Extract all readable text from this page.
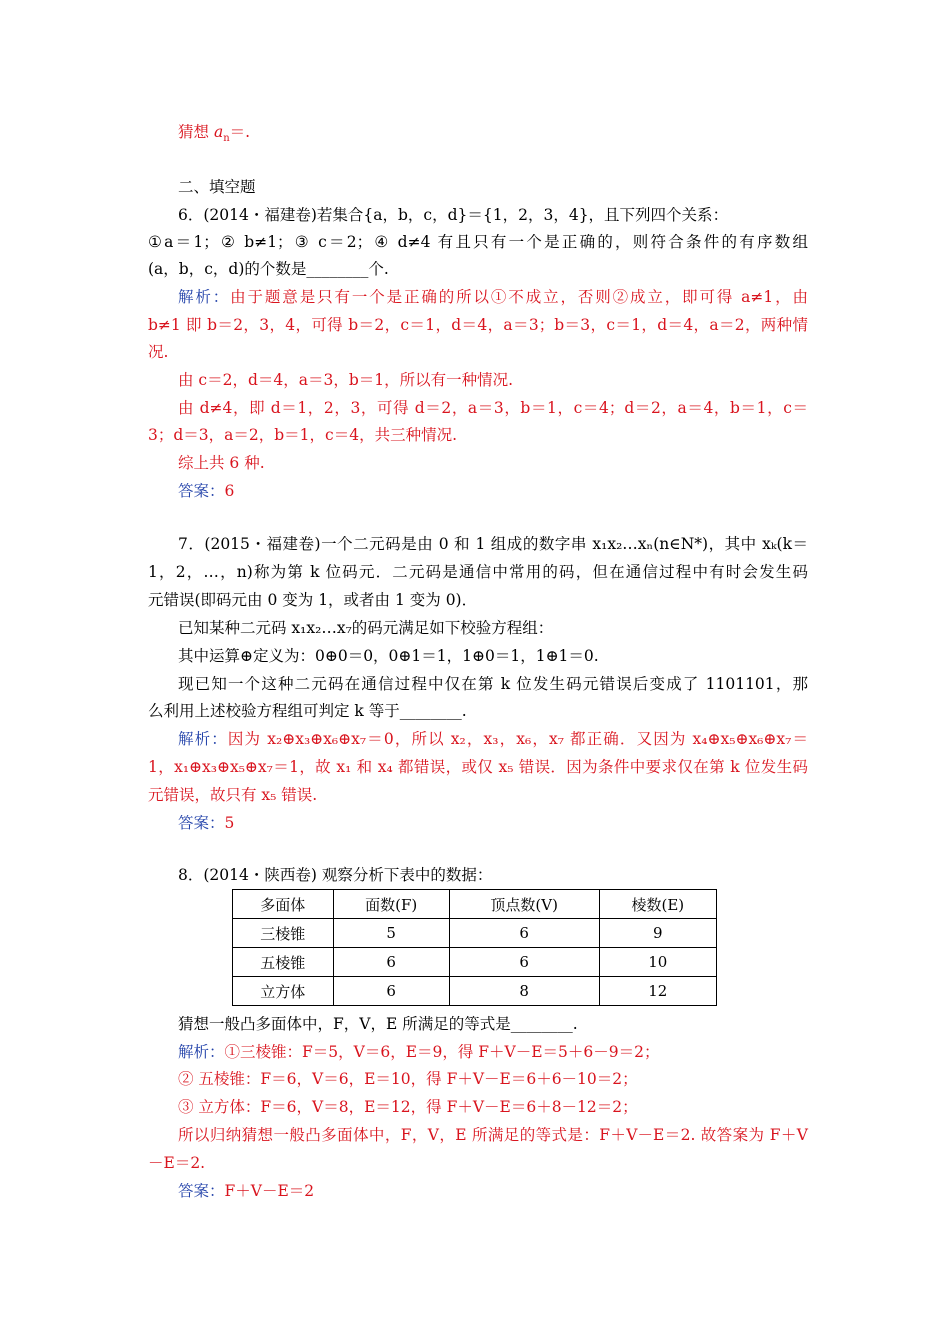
猜想 $a_n=$.
二、填空题
6．(2014・福建卷)若集合{a，b，c，d}＝{1，2，3，4}，且下列四个关系：
①a＝1；② b≠1；③ c＝2；④ d≠4 有且只有一个是正确的，则符合条件的有序数组
(a，b，c，d)的个数是________个.
解析：由于题意是只有一个是正确的所以①不成立，否则②成立，即可得 a≠1，由
b≠1 即 b＝2，3，4，可得 b＝2，c＝1，d＝4，a＝3；b＝3，c＝1，d＝4，a＝2，两种情
况.
由 c＝2，d＝4，a＝3，b＝1，所以有一种情况.
由 d≠4，即 d＝1，2，3，可得 d＝2，a＝3，b＝1，c＝4；d＝2，a＝4，b＝1，c＝
3；d＝3，a＝2，b＝1，c＝4，共三种情况.
综上共 6 种.
答案：6
7．(2015・福建卷)一个二元码是由 0 和 1 组成的数字串 x₁x₂…xₙ(n∈N*)，其中 xₖ(k＝
1，2，…，n)称为第 k 位码元．二元码是通信中常用的码，但在通信过程中有时会发生码
元错误(即码元由 0 变为 1，或者由 1 变为 0)．
已知某种二元码 x₁x₂…x₇的码元满足如下校验方程组：
其中运算⊕定义为：0⊕0＝0，0⊕1＝1，1⊕0＝1，1⊕1＝0.
现已知一个这种二元码在通信过程中仅在第 k 位发生码元错误后变成了 1101101，那
么利用上述校验方程组可判定 k 等于________.
解析：因为 x₂⊕x₃⊕x₆⊕x₇＝0，所以 x₂，x₃，x₆，x₇ 都正确．又因为 x₄⊕x₅⊕x₆⊕x₇＝
1，x₁⊕x₃⊕x₅⊕x₇＝1，故 x₁ 和 x₄ 都错误，或仅 x₅ 错误．因为条件中要求仅在第 k 位发生码
元错误，故只有 x₅ 错误.
答案：5
8．(2014・陕西卷) 观察分析下表中的数据：
多面体	面数(F)	顶点数(V)	棱数(E)
三棱锥	5	6	9
五棱锥	6	6	10
立方体	6	8	12
猜想一般凸多面体中，F，V，E 所满足的等式是________.
解析：①三棱锥：F＝5，V＝6，E＝9，得 F＋V－E＝5＋6－9＝2；
② 五棱锥：F＝6，V＝6，E＝10，得 F＋V－E＝6＋6－10＝2；
③ 立方体：F＝6，V＝8，E＝12，得 F＋V－E＝6＋8－12＝2；
所以归纳猜想一般凸多面体中，F，V，E 所满足的等式是：F＋V－E＝2. 故答案为 F＋V
－E＝2.
答案：F＋V－E＝2
